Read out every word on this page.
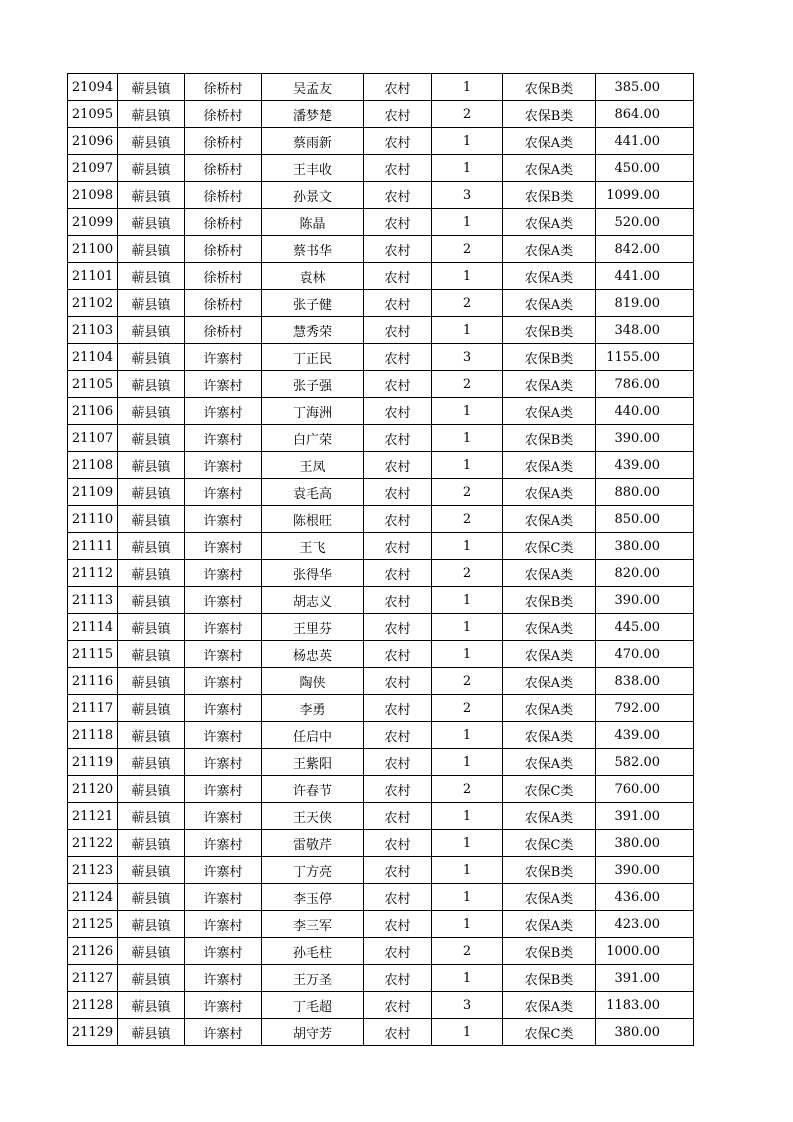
21094	蕲县镇	徐桥村	吴孟友	农村	1	农保B类	385.00
21095	蕲县镇	徐桥村	潘梦楚	农村	2	农保B类	864.00
21096	蕲县镇	徐桥村	蔡雨新	农村	1	农保A类	441.00
21097	蕲县镇	徐桥村	王丰收	农村	1	农保A类	450.00
21098	蕲县镇	徐桥村	孙景文	农村	3	农保B类	1099.00
21099	蕲县镇	徐桥村	陈晶	农村	1	农保A类	520.00
21100	蕲县镇	徐桥村	蔡书华	农村	2	农保A类	842.00
21101	蕲县镇	徐桥村	袁林	农村	1	农保A类	441.00
21102	蕲县镇	徐桥村	张子健	农村	2	农保A类	819.00
21103	蕲县镇	徐桥村	慧秀荣	农村	1	农保B类	348.00
21104	蕲县镇	许寨村	丁正民	农村	3	农保B类	1155.00
21105	蕲县镇	许寨村	张子强	农村	2	农保A类	786.00
21106	蕲县镇	许寨村	丁海洲	农村	1	农保A类	440.00
21107	蕲县镇	许寨村	白广荣	农村	1	农保B类	390.00
21108	蕲县镇	许寨村	王凤	农村	1	农保A类	439.00
21109	蕲县镇	许寨村	袁毛高	农村	2	农保A类	880.00
21110	蕲县镇	许寨村	陈根旺	农村	2	农保A类	850.00
21111	蕲县镇	许寨村	王飞	农村	1	农保C类	380.00
21112	蕲县镇	许寨村	张得华	农村	2	农保A类	820.00
21113	蕲县镇	许寨村	胡志义	农村	1	农保B类	390.00
21114	蕲县镇	许寨村	王里芬	农村	1	农保A类	445.00
21115	蕲县镇	许寨村	杨忠英	农村	1	农保A类	470.00
21116	蕲县镇	许寨村	陶侠	农村	2	农保A类	838.00
21117	蕲县镇	许寨村	李勇	农村	2	农保A类	792.00
21118	蕲县镇	许寨村	任启中	农村	1	农保A类	439.00
21119	蕲县镇	许寨村	王紫阳	农村	1	农保A类	582.00
21120	蕲县镇	许寨村	许春节	农村	2	农保C类	760.00
21121	蕲县镇	许寨村	王天侠	农村	1	农保A类	391.00
21122	蕲县镇	许寨村	雷敬芹	农村	1	农保C类	380.00
21123	蕲县镇	许寨村	丁方亮	农村	1	农保B类	390.00
21124	蕲县镇	许寨村	李玉停	农村	1	农保A类	436.00
21125	蕲县镇	许寨村	李三军	农村	1	农保A类	423.00
21126	蕲县镇	许寨村	孙毛柱	农村	2	农保B类	1000.00
21127	蕲县镇	许寨村	王万圣	农村	1	农保B类	391.00
21128	蕲县镇	许寨村	丁毛超	农村	3	农保A类	1183.00
21129	蕲县镇	许寨村	胡守芳	农村	1	农保C类	380.00
